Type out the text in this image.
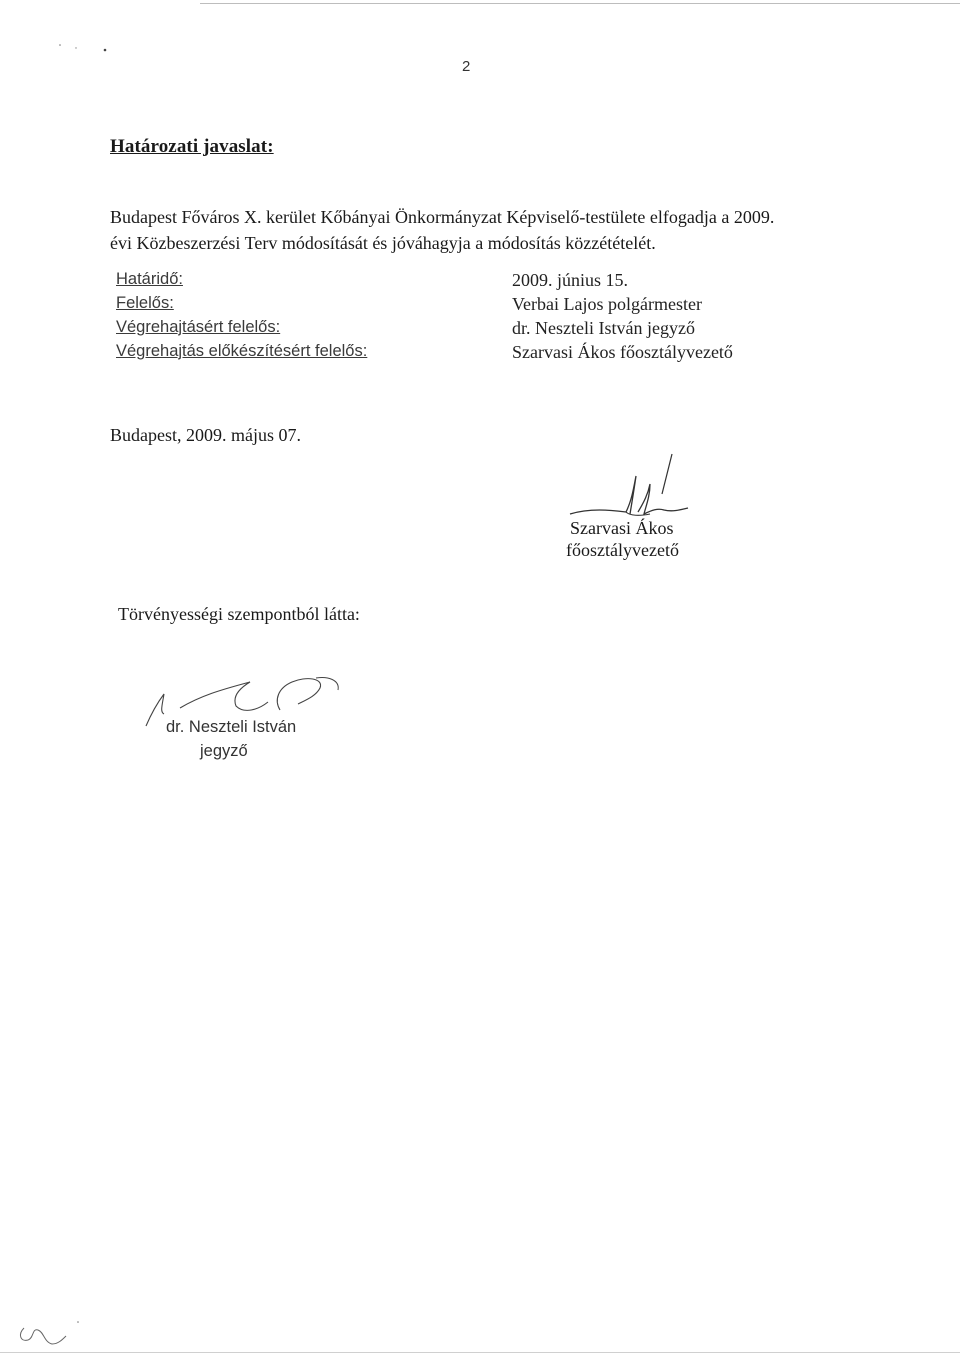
2
Határozati javaslat:
Budapest Főváros X. kerület Kőbányai Önkormányzat Képviselő-testülete elfogadja a 2009.
évi Közbeszerzési Terv módosítását és jóváhagyja a módosítás közzétételét.
Határidő:	2009. június 15.
Felelős:	Verbai Lajos polgármester
Végrehajtásért felelős:	dr. Neszteli István jegyző
Végrehajtás előkészítésért felelős:	Szarvasi Ákos főosztályvezető
Budapest, 2009. május 07.
Szarvasi Ákos
főosztályvezető
Törvényességi szempontból látta:
dr. Neszteli István
jegyző
